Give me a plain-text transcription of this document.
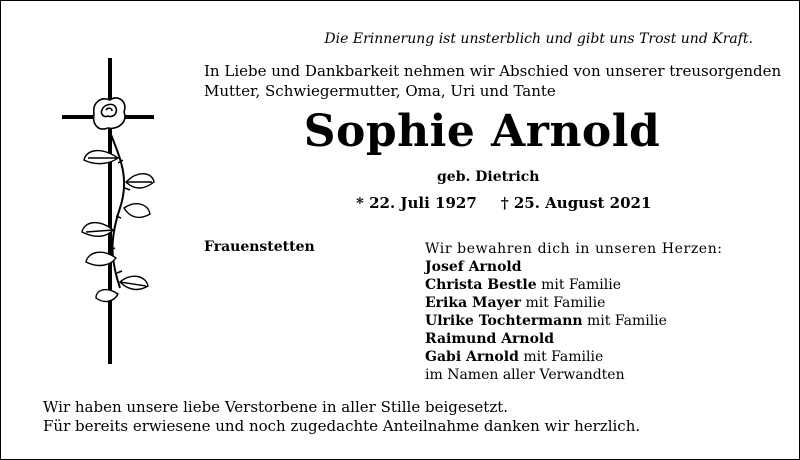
Die Erinnerung ist unsterblich und gibt uns Trost und Kraft.
In Liebe und Dankbarkeit nehmen wir Abschied von unserer treusorgenden
Mutter, Schwiegermutter, Oma, Uri und Tante
Sophie Arnold
geb. Dietrich
* 22. Juli 1927 † 25. August 2021
Frauenstetten	Wir bewahren dich in unseren Herzen:
Josef Arnold
Christa Bestle mit Familie
Erika Mayer mit Familie
Ulrike Tochtermann mit Familie
Raimund Arnold
Gabi Arnold mit Familie
im Namen aller Verwandten
Wir haben unsere liebe Verstorbene in aller Stille beigesetzt.
Für bereits erwiesene und noch zugedachte Anteilnahme danken wir herzlich.
